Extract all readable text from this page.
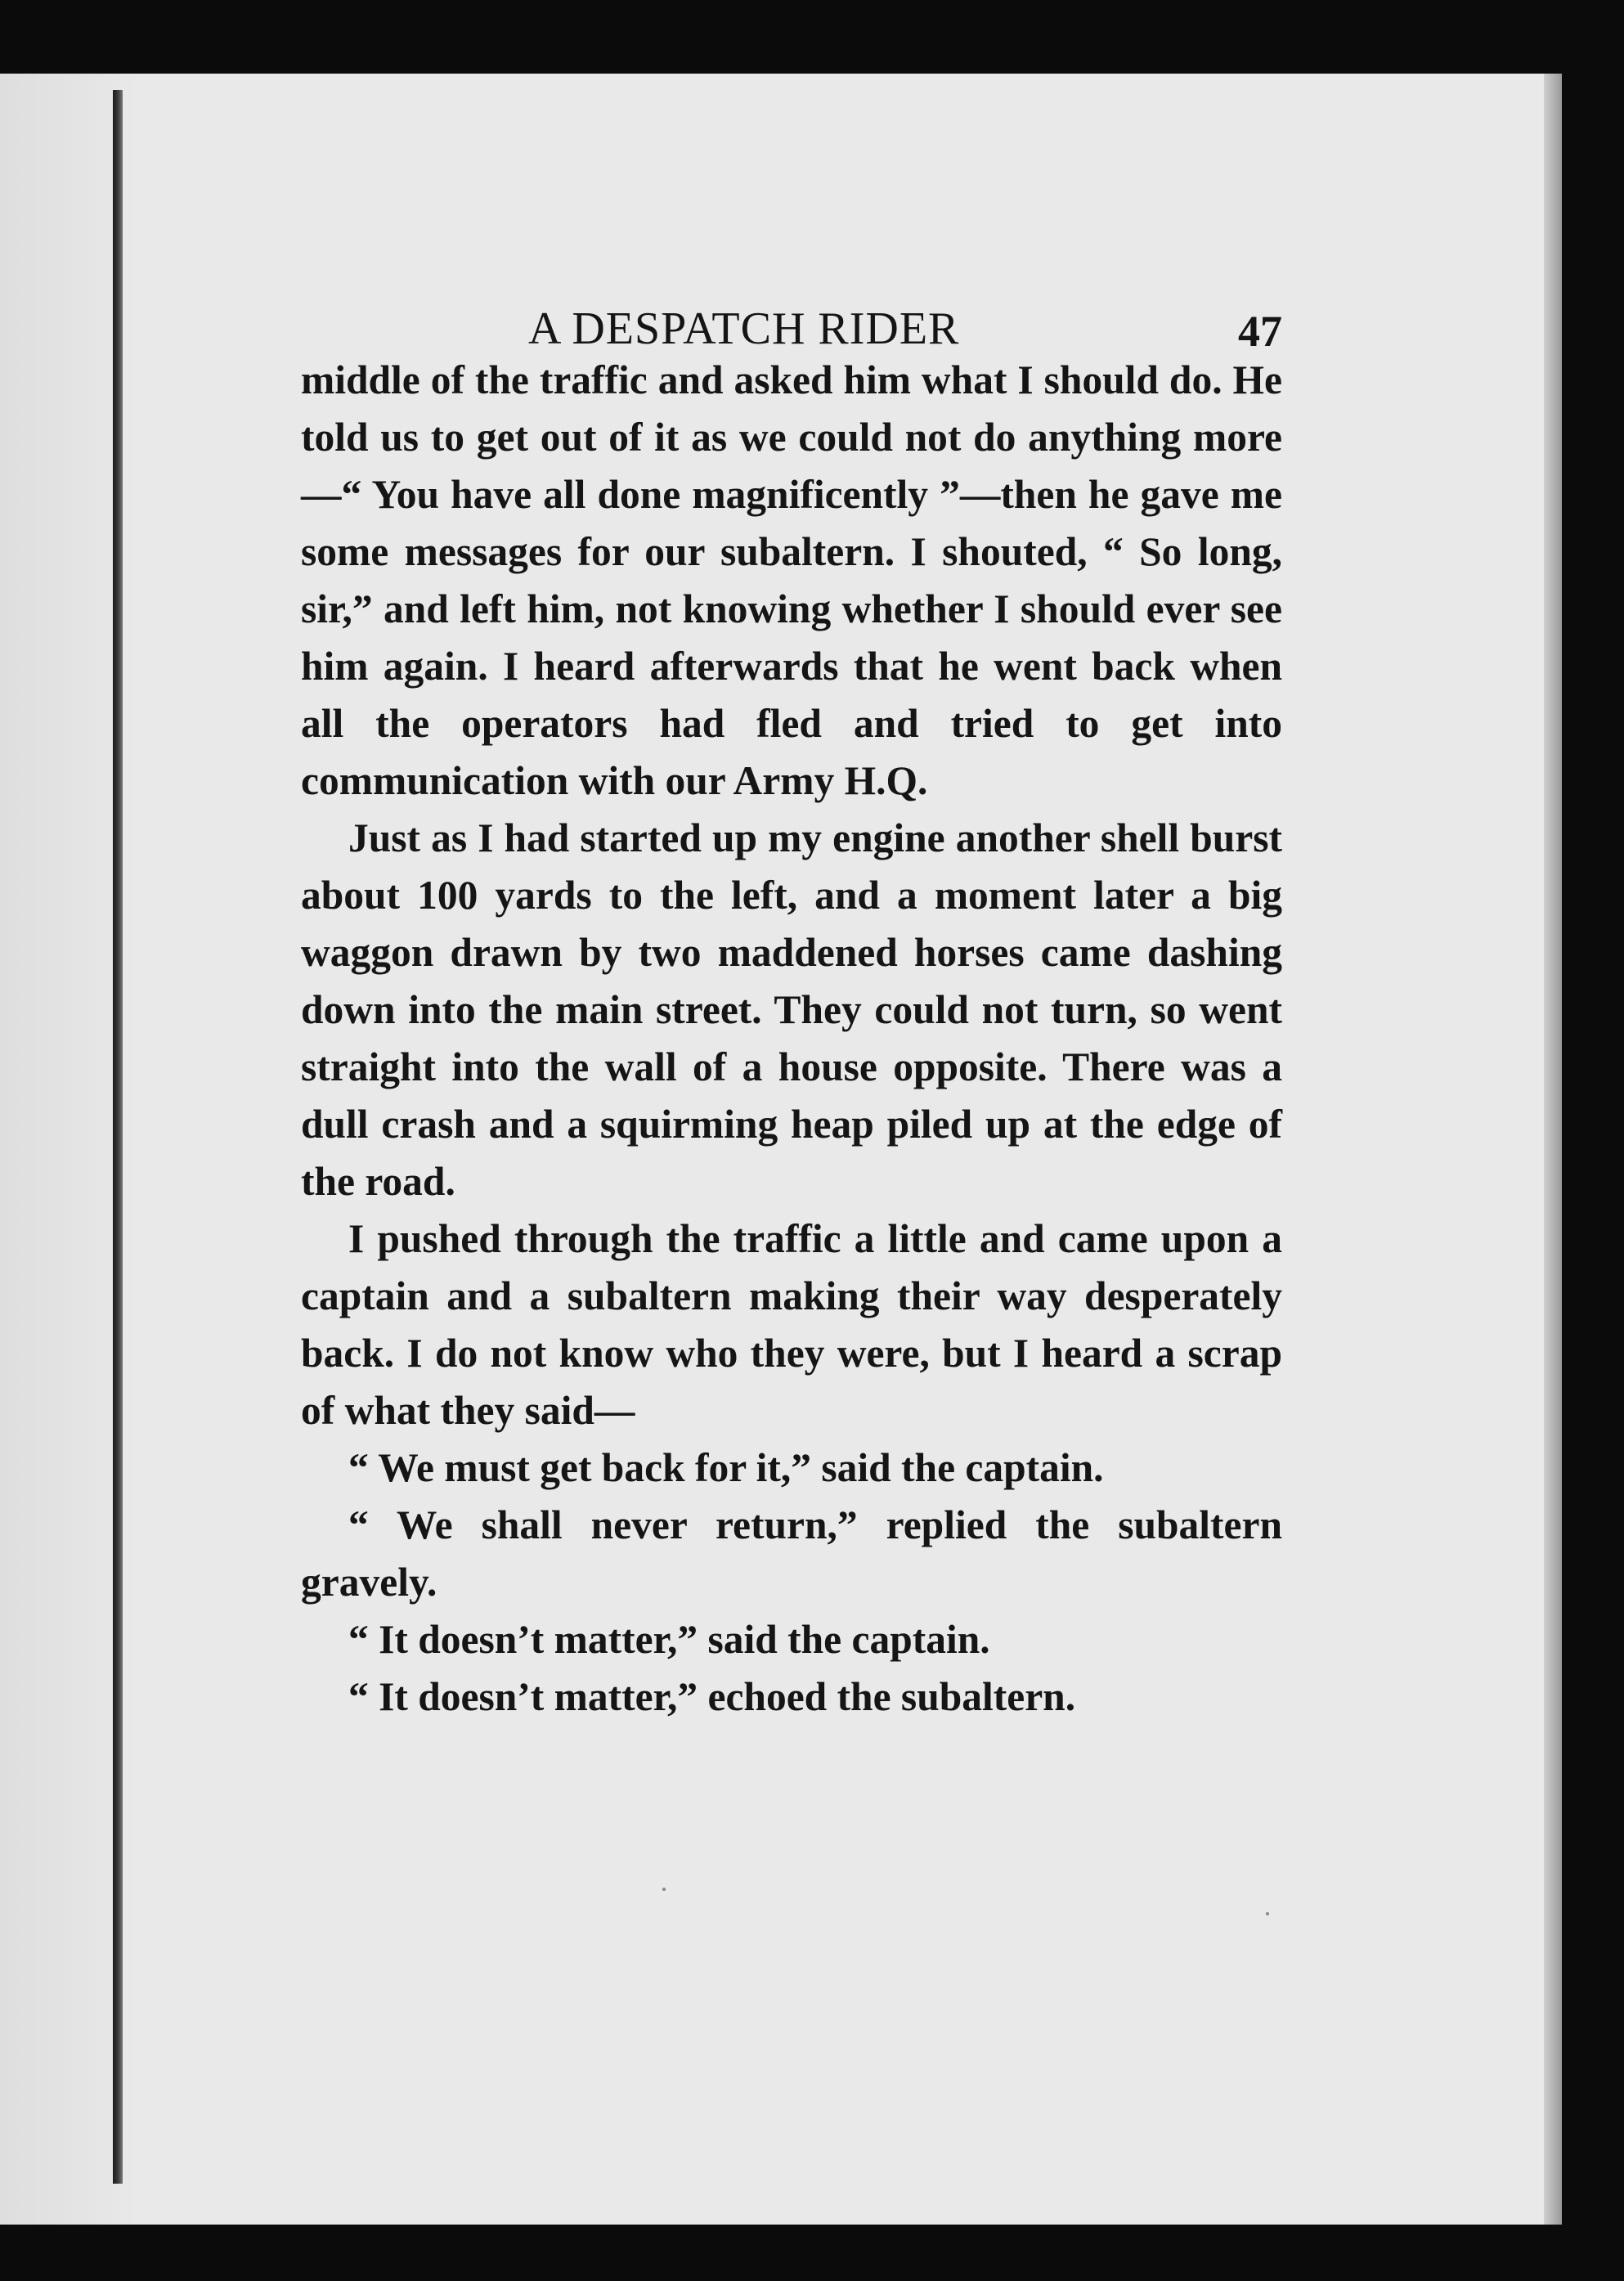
A DESPATCH RIDER	47

middle of the traffic and asked him what I should do. He told us to get out of it as we could not do anything more—“ You have all done magnificently ”—then he gave me some messages for our subaltern. I shouted, “ So long, sir,” and left him, not knowing whether I should ever see him again. I heard afterwards that he went back when all the operators had fled and tried to get into communication with our Army H.Q.

Just as I had started up my engine another shell burst about 100 yards to the left, and a moment later a big waggon drawn by two maddened horses came dashing down into the main street. They could not turn, so went straight into the wall of a house opposite. There was a dull crash and a squirming heap piled up at the edge of the road.

I pushed through the traffic a little and came upon a captain and a subaltern making their way desperately back. I do not know who they were, but I heard a scrap of what they said—

“ We must get back for it,” said the captain.

“ We shall never return,” replied the subaltern gravely.

“ It doesn’t matter,” said the captain.

“ It doesn’t matter,” echoed the subaltern.
